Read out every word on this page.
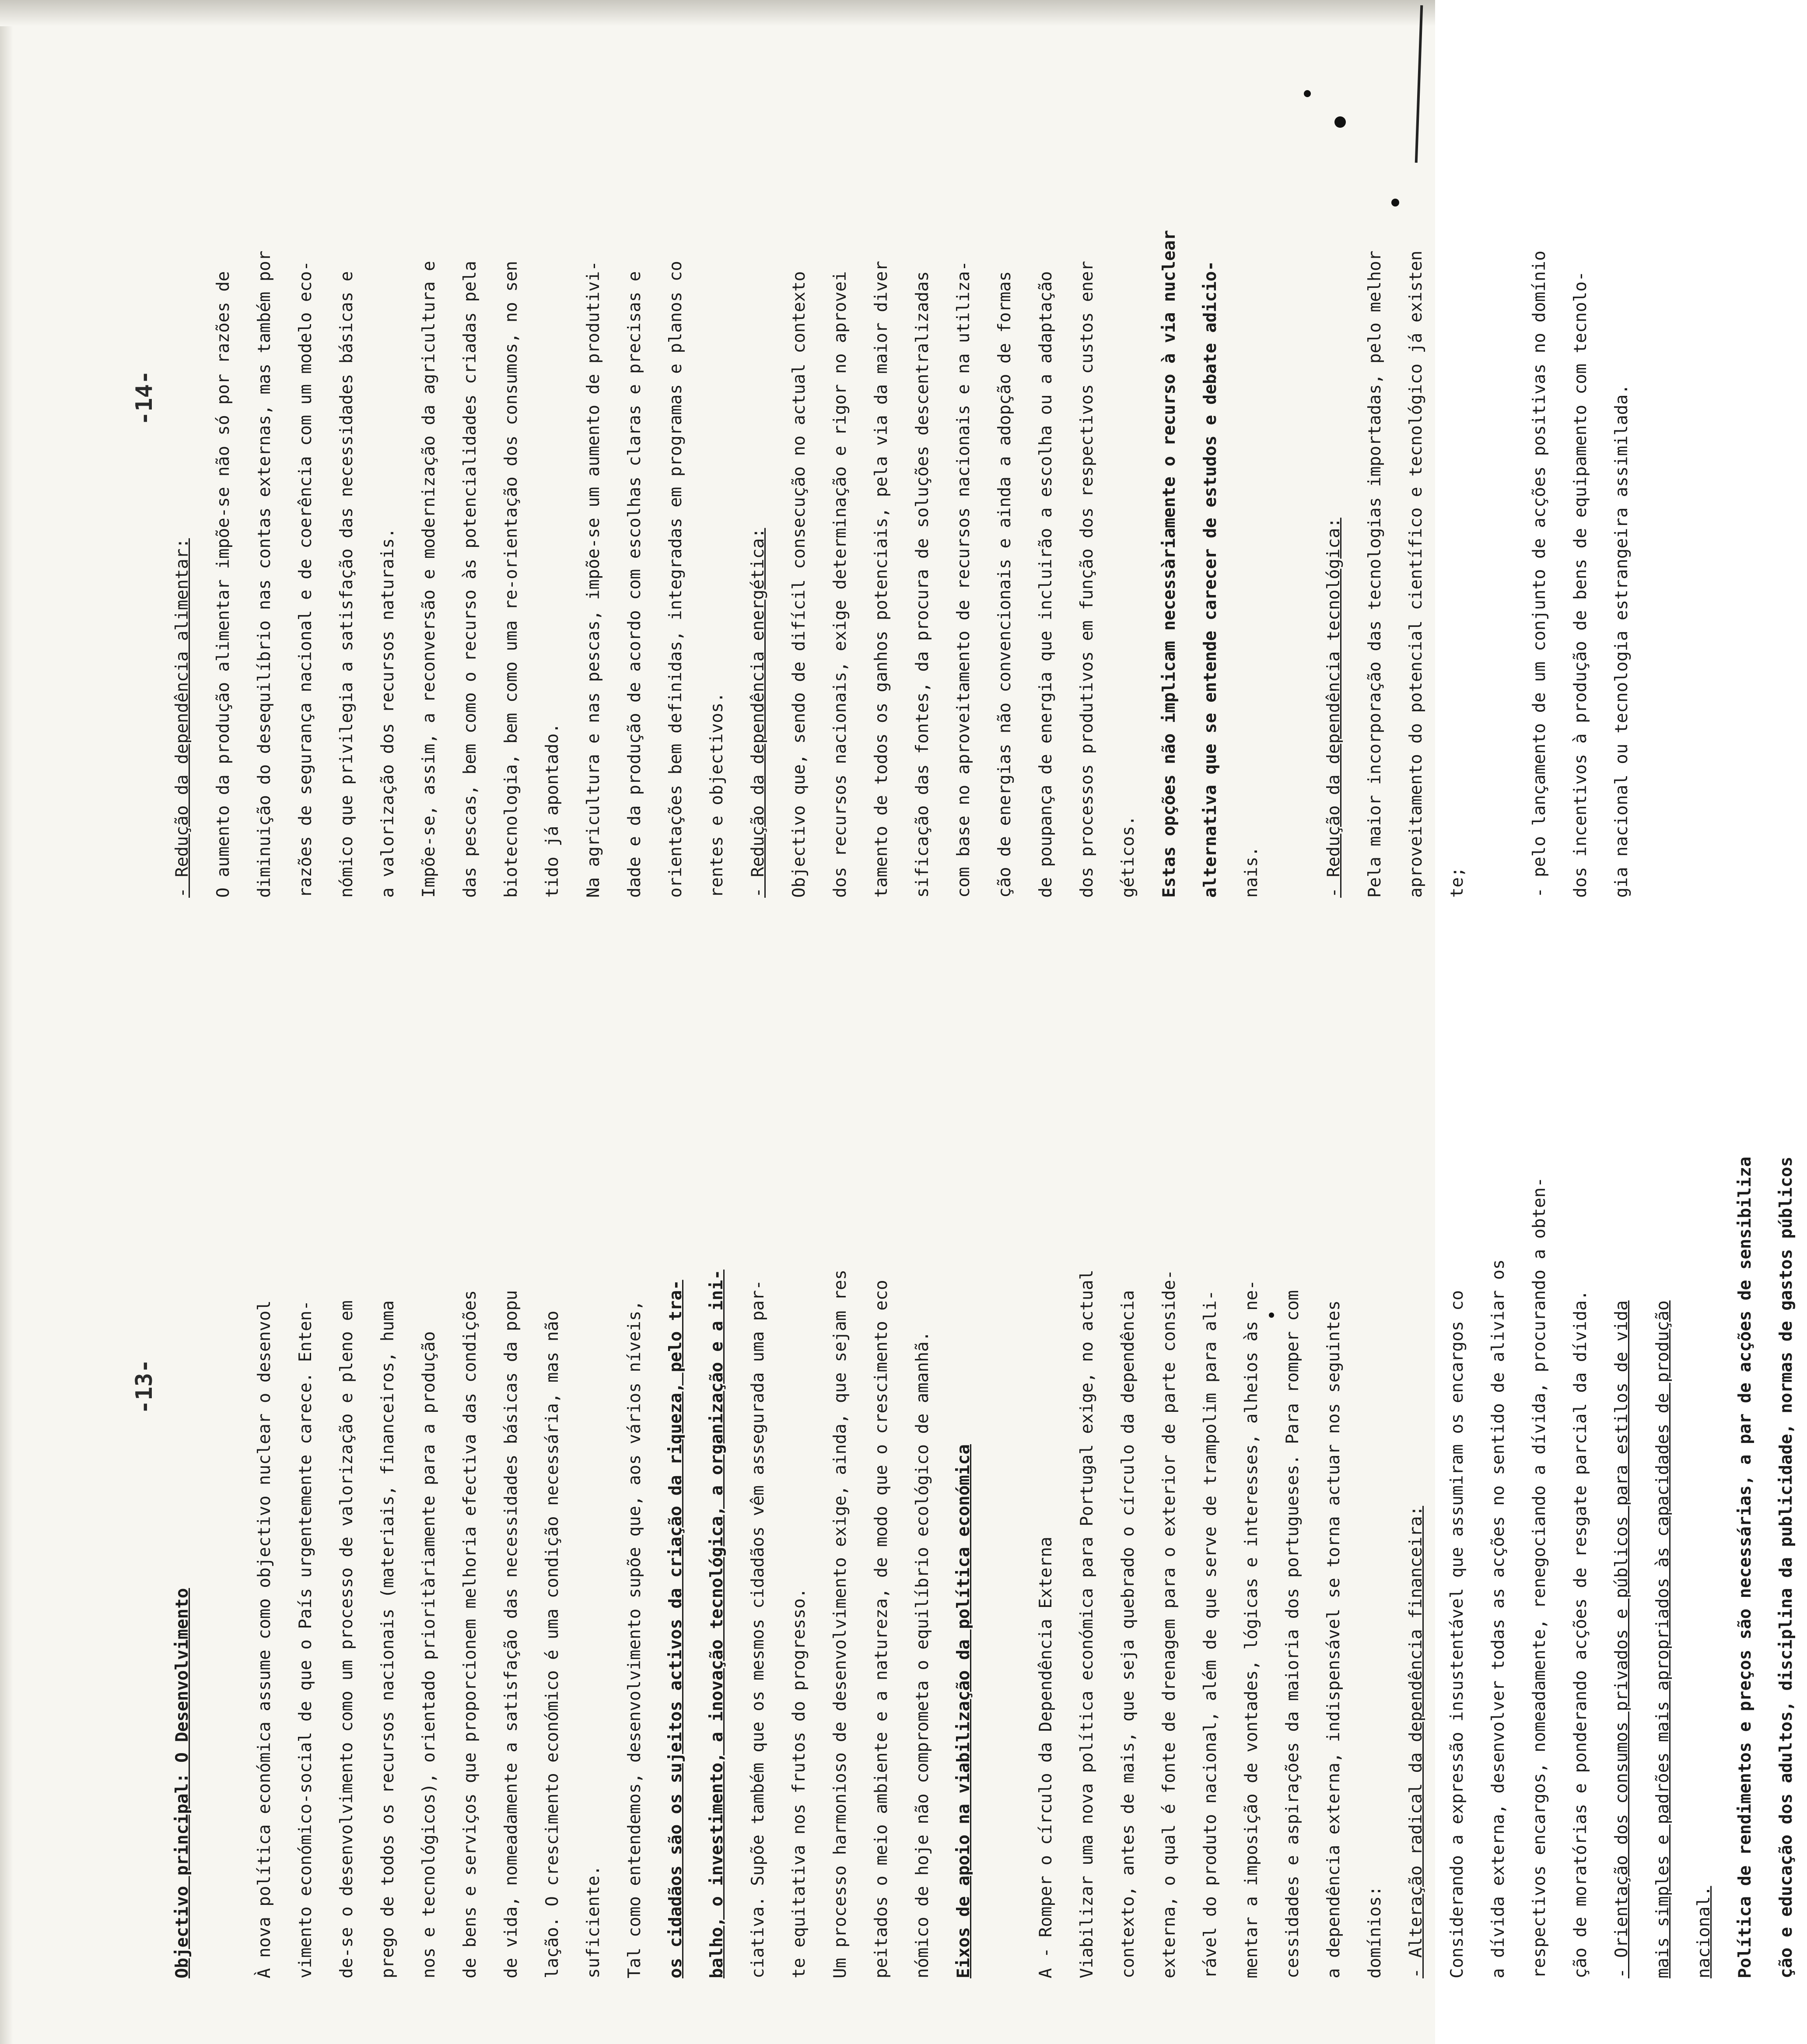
-13-

Objectivo principal: O Desenvolvimento	À nova política económica assume como objectivo nuclear o desenvol	vimento económico-social de que o País urgentemente carece. Enten-	de-se o desenvolvimento como um processo de valorização e pleno em	prego de todos os recursos nacionais (materiais, financeiros, huma	nos e tecnológicos), orientado prioritàriamente para a produção	de bens e serviços que proporcionem melhoria efectiva das condições	de vida, nomeadamente a satisfação das necessidades básicas da popu	lação. O crescimento económico é uma condição necessária, mas não	suficiente.	Tal como entendemos, desenvolvimento supõe que, aos vários níveis,	os cidadãos são os sujeitos activos da criação da riqueza, pelo tra-	balho, o investimento, a inovação tecnológica, a organização e a ini-	ciativa. Supõe também que os mesmos cidadãos vêm assegurada uma par-	te equitativa nos frutos do progresso.	Um processo harmonioso de desenvolvimento exige, ainda, que sejam res	peitados o meio ambiente e a natureza, de modo que o crescimento eco	nómico de hoje não comprometa o equilíbrio ecológico de amanhã.	Eixos de apoio na viabilização da política económica	A - Romper o círculo da Dependência Externa	Viabilizar uma nova política económica para Portugal exige, no actual	contexto, antes de mais, que seja quebrado o círculo da dependência	externa, o qual é fonte de drenagem para o exterior de parte conside-	rável do produto nacional, além de que serve de trampolim para ali-	mentar a imposição de vontades, lógicas e interesses, alheios às ne-	cessidades e aspirações da maioria dos portugueses. Para romper com	a dependência externa, indispensável se torna actuar nos seguintes	domínios:	- Alteração radical da dependência financeira:	Considerando a expressão insustentável que assumiram os encargos co	a dívida externa, desenvolver todas as acções no sentido de aliviar os	respectivos encargos, nomeadamente, renegociando a dívida, procurando a obten-	ção de moratórias e ponderando acções de resgate parcial da dívida.	- Orientação dos consumos privados e públicos para estilos de vida	mais simples e padrões mais apropriados às capacidades de produção	nacional.	Política de rendimentos e preços são necessárias, a par de acções de sensibiliza	ção e educação dos adultos, disciplina da publicidade, normas de gastos públicos

-14-

- Redução da dependência alimentar:	O aumento da produção alimentar impõe-se não só por razões de	diminuição do desequilíbrio nas contas externas, mas também por	razões de segurança nacional e de coerência com um modelo eco-	nómico que privilegia a satisfação das necessidades básicas e	a valorização dos recursos naturais.	Impõe-se, assim, a reconversão e modernização da agricultura e	das pescas, bem como o recurso às potencialidades criadas pela	biotecnologia, bem como uma re-orientação dos consumos, no sen	tido já apontado.	Na agricultura e nas pescas, impõe-se um aumento de produtivi-	dade e da produção de acordo com escolhas claras e precisas e	orientações bem definidas, integradas em programas e planos co	rentes e objectivos.	- Redução da dependência energética:	Objectivo que, sendo de difícil consecução no actual contexto	dos recursos nacionais, exige determinação e rigor no aprovei	tamento de todos os ganhos potenciais, pela via da maior diver	sificação das fontes, da procura de soluções descentralizadas	com base no aproveitamento de recursos nacionais e na utiliza-	ção de energias não convencionais e ainda a adopção de formas	de poupança de energia que incluirão a escolha ou a adaptação	dos processos produtivos em função dos respectivos custos ener	géticos.	Estas opções não implicam necessàriamente o recurso à via nuclear	alternativa que se entende carecer de estudos e debate adicio-	nais.	- Redução da dependência tecnológica:	Pela maior incorporação das tecnologias importadas, pelo melhor	aproveitamento do potencial científico e tecnológico já existen	te;	- pelo lançamento de um conjunto de acções positivas no domínio	dos incentivos à produção de bens de equipamento com tecnolo-	gia nacional ou tecnologia estrangeira assimilada.
